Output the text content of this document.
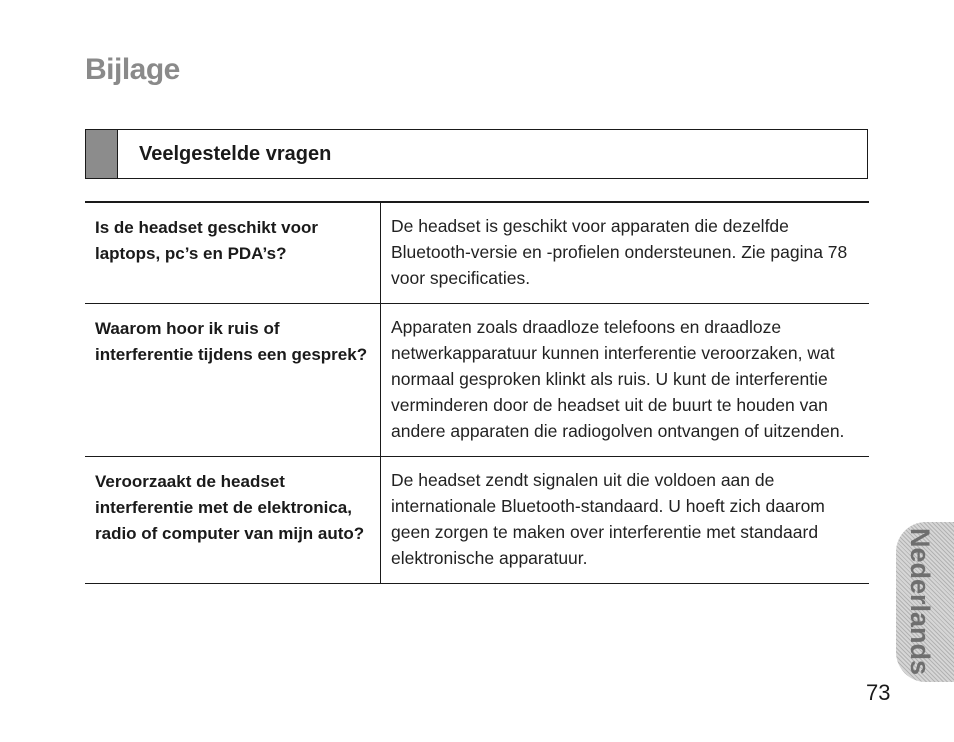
Bijlage
Veelgestelde vragen
Is de headset geschikt voor laptops, pc’s en PDA’s?	De headset is geschikt voor apparaten die dezelfde Bluetooth-versie en -profielen ondersteunen. Zie pagina 78 voor specificaties.
Waarom hoor ik ruis of interferentie tijdens een gesprek?	Apparaten zoals draadloze telefoons en draadloze netwerkapparatuur kunnen interferentie veroorzaken, wat normaal gesproken klinkt als ruis. U kunt de interferentie verminderen door de headset uit de buurt te houden van andere apparaten die radiogolven ontvangen of uitzenden.
Veroorzaakt de headset interferentie met de elektronica, radio of computer van mijn auto?	De headset zendt signalen uit die voldoen aan de internationale Bluetooth-standaard. U hoeft zich daarom geen zorgen te maken over interferentie met standaard elektronische apparatuur.	Nederlands
73
